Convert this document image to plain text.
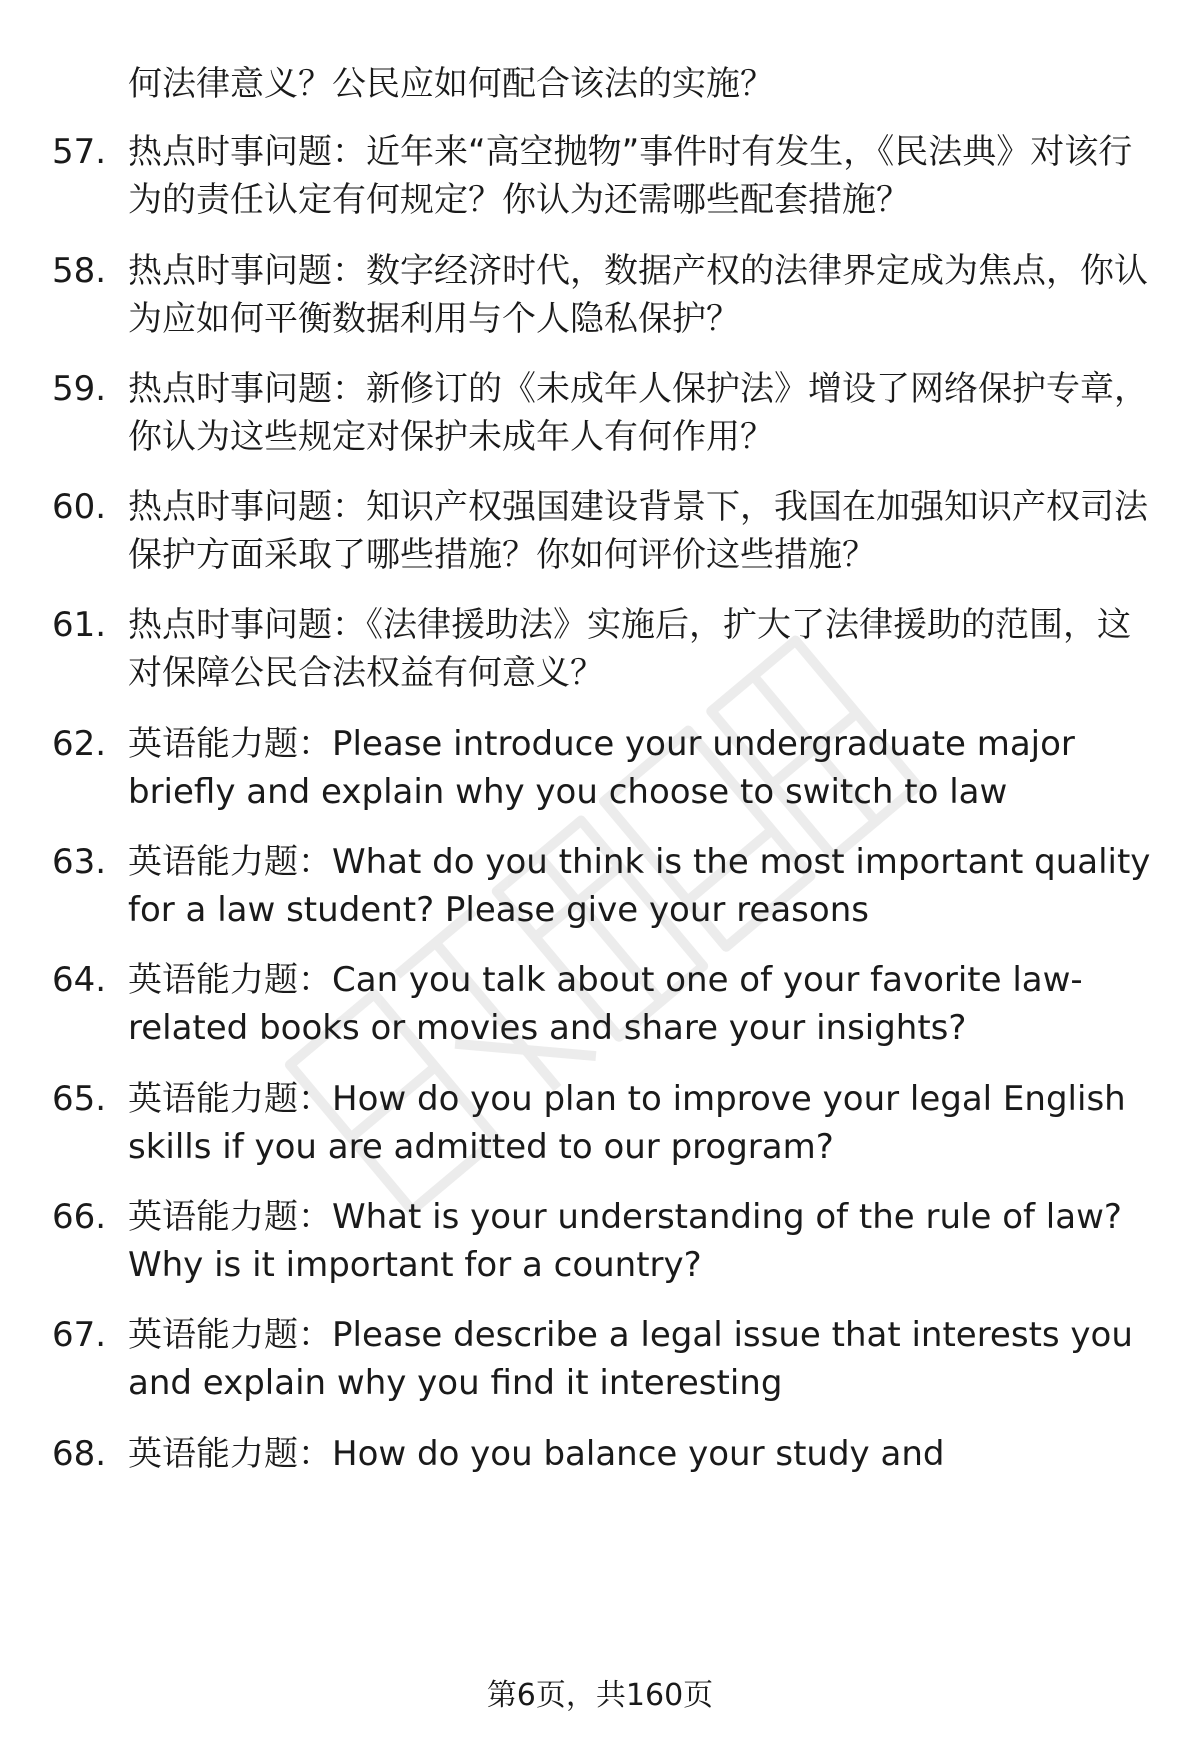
何法律意义？公民应如何配合该法的实施？

57. 热点时事问题：近年来“高空抛物”事件时有发生，《民法典》对该行为的责任认定有何规定？你认为还需哪些配套措施？
58. 热点时事问题：数字经济时代，数据产权的法律界定成为焦点，你认为应如何平衡数据利用与个人隐私保护？
59. 热点时事问题：新修订的《未成年人保护法》增设了网络保护专章，你认为这些规定对保护未成年人有何作用？
60. 热点时事问题：知识产权强国建设背景下，我国在加强知识产权司法保护方面采取了哪些措施？你如何评价这些措施？
61. 热点时事问题：《法律援助法》实施后，扩大了法律援助的范围，这对保障公民合法权益有何意义？
62. 英语能力题：Please introduce your undergraduate major briefly and explain why you choose to switch to law
63. 英语能力题：What do you think is the most important quality for a law student? Please give your reasons
64. 英语能力题：Can you talk about one of your favorite law-related books or movies and share your insights?
65. 英语能力题：How do you plan to improve your legal English skills if you are admitted to our program?
66. 英语能力题：What is your understanding of the rule of law? Why is it important for a country?
67. 英语能力题：Please describe a legal issue that interests you and explain why you find it interesting
68. 英语能力题：How do you balance your study and
第6页，共160页
